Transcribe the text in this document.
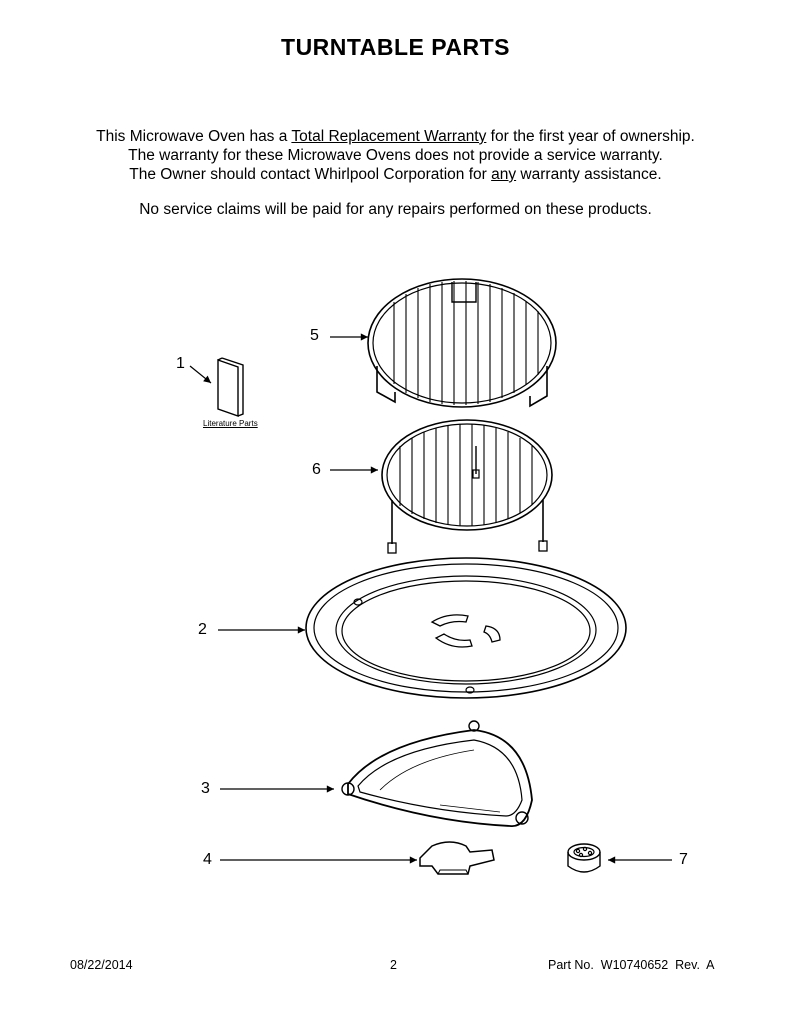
TURNTABLE PARTS
This Microwave Oven has a Total Replacement Warranty for the first year of ownership.
The warranty for these Microwave Ovens does not provide a service warranty.
The Owner should contact Whirlpool Corporation for any warranty assistance.
No service claims will be paid for any repairs performed on these products.
1
5
6
2
3
4	7
Literature Parts
08/22/2014	2	Part No.  W10740652  Rev.  A
